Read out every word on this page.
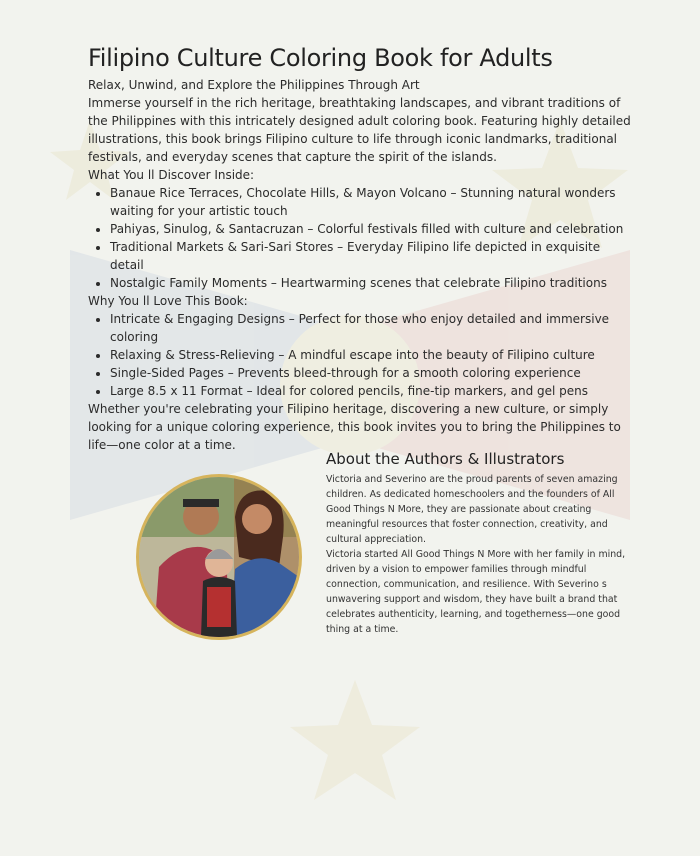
Filipino Culture Coloring Book for Adults

Relax, Unwind, and Explore the Philippines Through Art

Immerse yourself in the rich heritage, breathtaking landscapes, and vibrant traditions of the Philippines with this intricately designed adult coloring book. Featuring highly detailed illustrations, this book brings Filipino culture to life through iconic landmarks, traditional festivals, and everyday scenes that capture the spirit of the islands.

What You ll Discover Inside:

• Banaue Rice Terraces, Chocolate Hills, & Mayon Volcano – Stunning natural wonders waiting for your artistic touch
• Pahiyas, Sinulog, & Santacruzan – Colorful festivals filled with culture and celebration
• Traditional Markets & Sari-Sari Stores – Everyday Filipino life depicted in exquisite detail
• Nostalgic Family Moments – Heartwarming scenes that celebrate Filipino traditions

Why You ll Love This Book:

• Intricate & Engaging Designs – Perfect for those who enjoy detailed and immersive coloring
• Relaxing & Stress-Relieving – A mindful escape into the beauty of Filipino culture
• Single-Sided Pages – Prevents bleed-through for a smooth coloring experience
• Large 8.5 x 11 Format – Ideal for colored pencils, fine-tip markers, and gel pens

Whether you're celebrating your Filipino heritage, discovering a new culture, or simply looking for a unique coloring experience, this book invites you to bring the Philippines to life—one color at a time.

About the Authors & Illustrators

Victoria and Severino are the proud parents of seven amazing children. As dedicated homeschoolers and the founders of All Good Things N More, they are passionate about creating meaningful resources that foster connection, creativity, and cultural appreciation.

Victoria started All Good Things N More with her family in mind, driven by a vision to empower families through mindful connection, communication, and resilience. With Severino s unwavering support and wisdom, they have built a brand that celebrates authenticity, learning, and togetherness—one good thing at a time.
